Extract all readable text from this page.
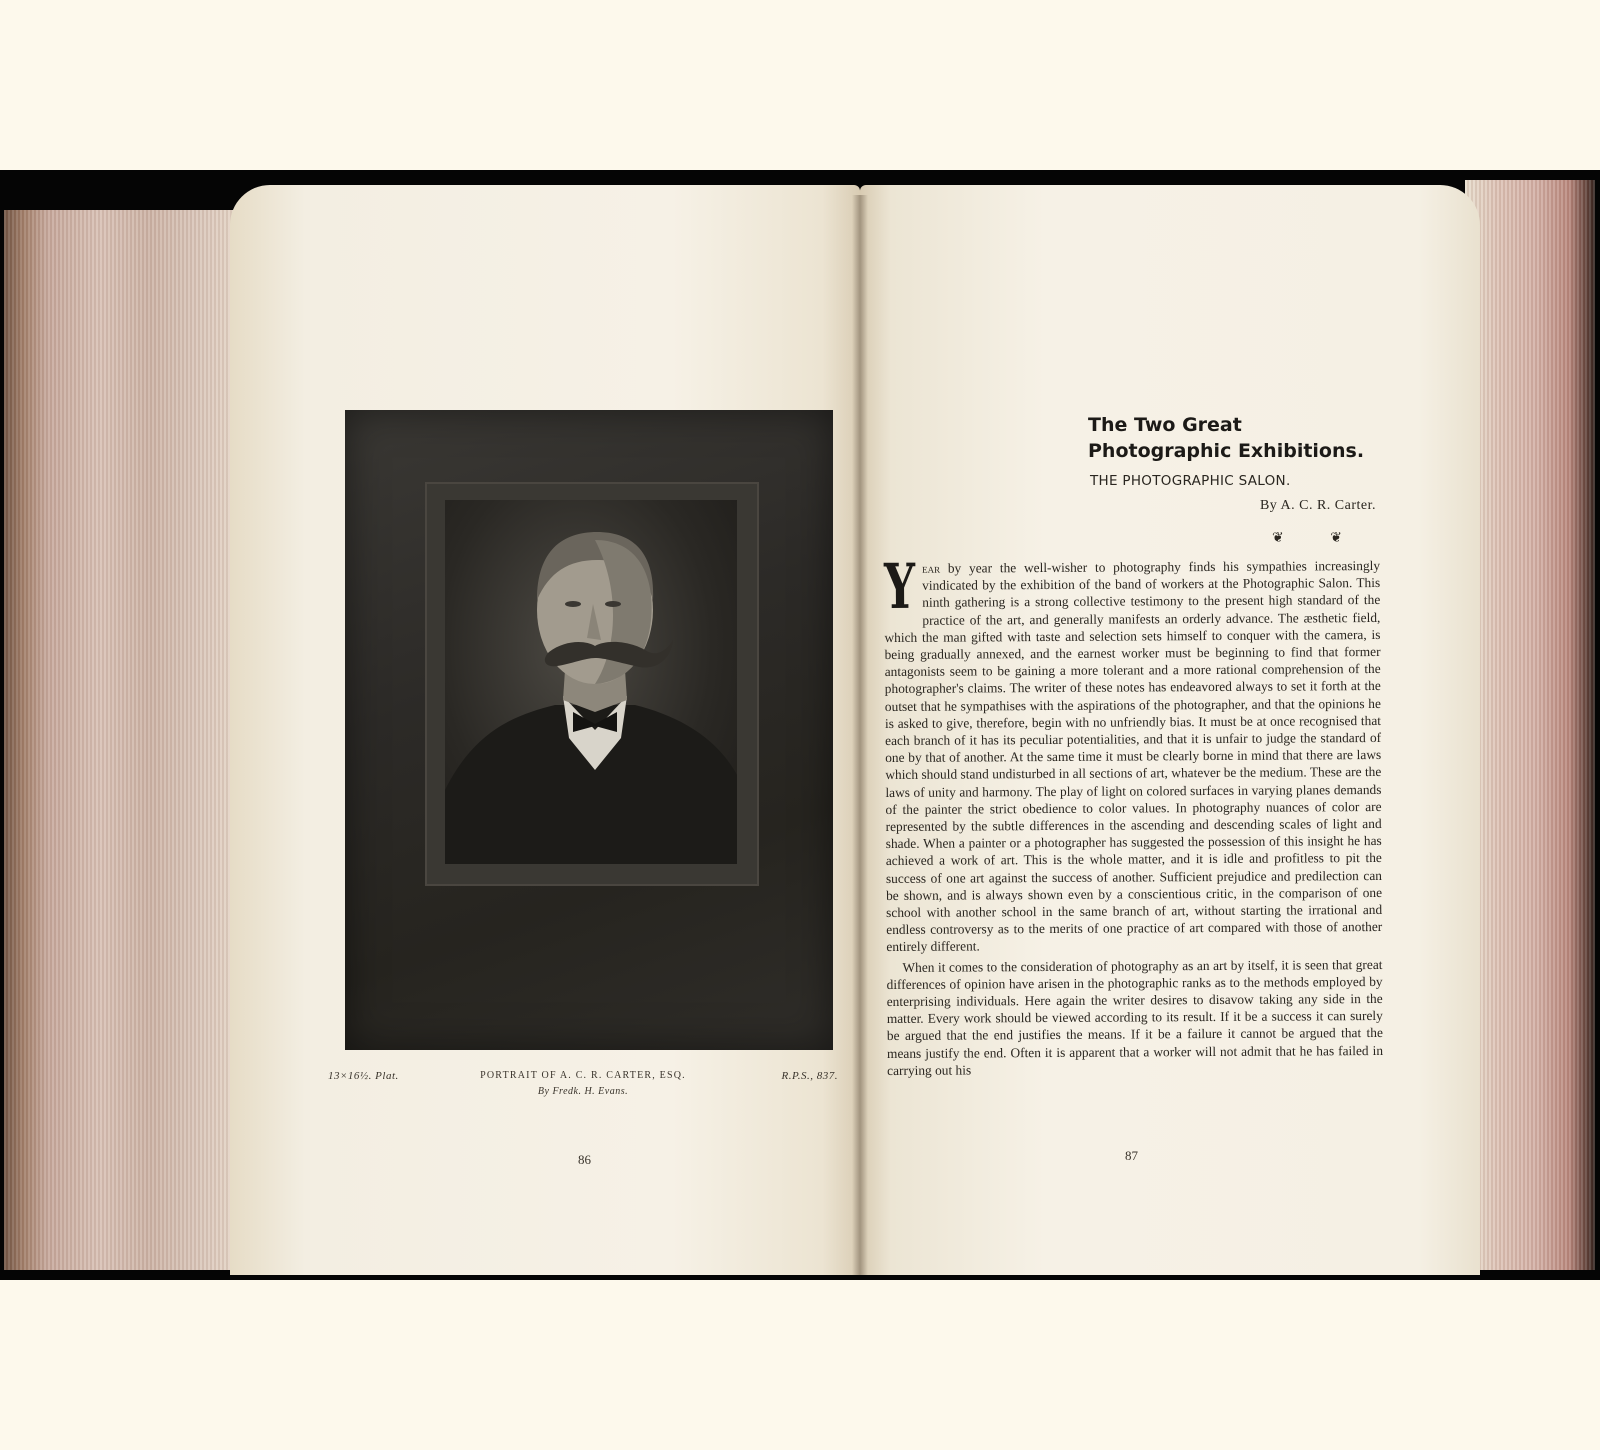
13×16½. Plat.	PORTRAIT OF A. C. R. CARTER, ESQ.
By Fredk. H. Evans.
R.P.S., 837.
86
The Two Great
Photographic Exhibitions.
THE PHOTOGRAPHIC SALON.
By A. C. R. Carter.
❦	❦

Year by year the well-wisher to photography finds his sympathies increasingly vindicated by the exhibition of the band of workers at the Photographic Salon. This ninth gathering is a strong collective testimony to the present high standard of the practice of the art, and generally manifests an orderly advance. The æsthetic field, which the man gifted with taste and selection sets himself to conquer with the camera, is being gradually annexed, and the earnest worker must be beginning to find that former antagonists seem to be gaining a more tolerant and a more rational comprehension of the photographer's claims. The writer of these notes has endeavored always to set it forth at the outset that he sympathises with the aspirations of the photographer, and that the opinions he is asked to give, therefore, begin with no unfriendly bias. It must be at once recognised that each branch of it has its peculiar potentialities, and that it is unfair to judge the standard of one by that of another. At the same time it must be clearly borne in mind that there are laws which should stand undisturbed in all sections of art, whatever be the medium. These are the laws of unity and harmony. The play of light on colored surfaces in varying planes demands of the painter the strict obedience to color values. In photography nuances of color are represented by the subtle differences in the ascending and descending scales of light and shade. When a painter or a photographer has suggested the possession of this insight he has achieved a work of art. This is the whole matter, and it is idle and profitless to pit the success of one art against the success of another. Sufficient prejudice and predilection can be shown, and is always shown even by a conscientious critic, in the comparison of one school with another school in the same branch of art, without starting the irrational and endless controversy as to the merits of one practice of art compared with those of another entirely different.

When it comes to the consideration of photography as an art by itself, it is seen that great differences of opinion have arisen in the photographic ranks as to the methods employed by enterprising individuals. Here again the writer desires to disavow taking any side in the matter. Every work should be viewed according to its result. If it be a success it can surely be argued that the end justifies the means. If it be a failure it cannot be argued that the means justify the end. Often it is apparent that a worker will not admit that he has failed in carrying out his

87
